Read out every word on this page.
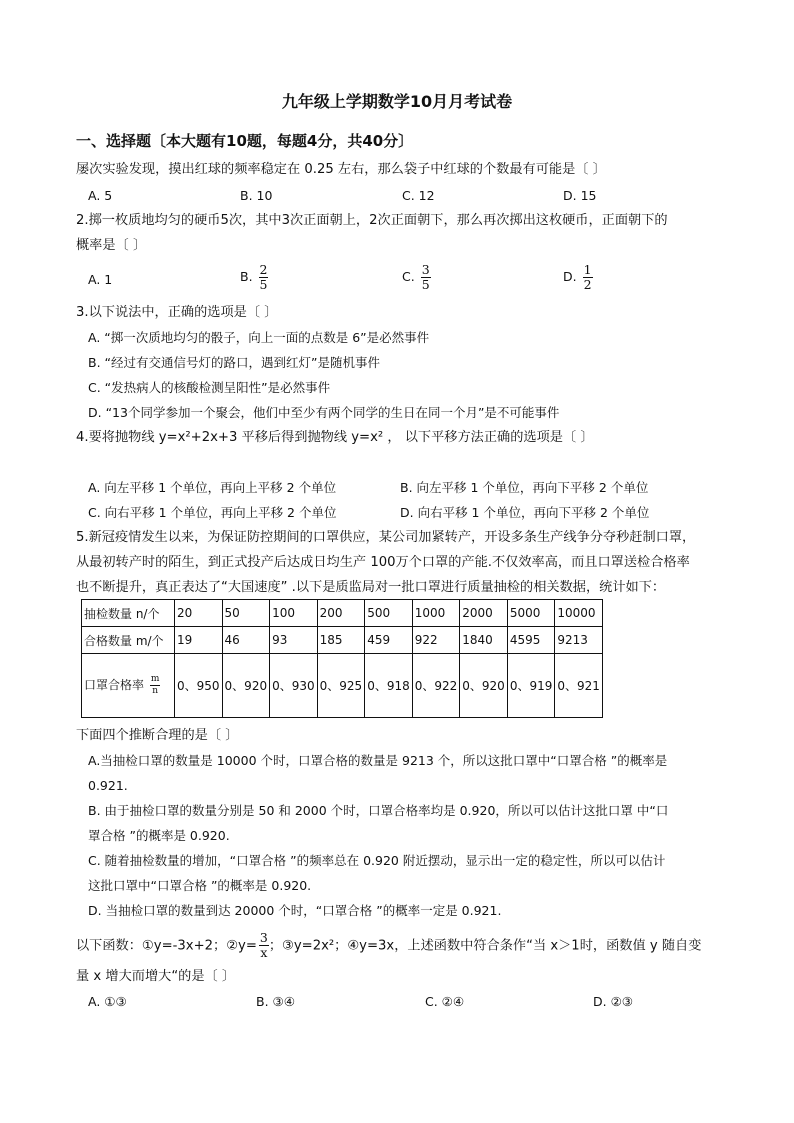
九年级上学期数学10月月考试卷
一、选择题〔本大题有10题，每题4分，共40分〕
屡次实验发现，摸出红球的频率稳定在 0.25 左右，那么袋子中红球的个数最有可能是〔 〕
A. 5	B. 10	C. 12	D. 15
2.掷一枚质地均匀的硬币5次，其中3次正面朝上，2次正面朝下，那么再次掷出这枚硬币，正面朝下的
概率是〔 〕
A. 1	B. $\frac{2}{5}$	C. $\frac{3}{5}$	D. $\frac{1}{2}$
3.以下说法中，正确的选项是〔 〕
A. “掷一次质地均匀的骰子，向上一面的点数是 6”是必然事件
B. “经过有交通信号灯的路口，遇到红灯”是随机事件
C. “发热病人的核酸检测呈阳性”是必然事件
D. “13个同学参加一个聚会，他们中至少有两个同学的生日在同一个月”是不可能事件
4.要将抛物线 y=x²+2x+3 平移后得到抛物线 y=x² ， 以下平移方法正确的选项是〔 〕
A. 向左平移 1 个单位，再向上平移 2 个单位	B. 向左平移 1 个单位，再向下平移 2 个单位
C. 向右平移 1 个单位，再向上平移 2 个单位	D. 向右平移 1 个单位，再向下平移 2 个单位
5.新冠疫情发生以来，为保证防控期间的口罩供应，某公司加紧转产，开设多条生产线争分夺秒赶制口罩，
从最初转产时的陌生，到正式投产后达成日均生产 100万个口罩的产能.不仅效率高，而且口罩送检合格率
也不断提升，真正表达了“大国速度” .以下是质监局对一批口罩进行质量抽检的相关数据，统计如下：
抽检数量 n/个	20	50	100	200	500	1000	2000	5000	10000
合格数量 m/个	19	46	93	185	459	922	1840	4595	9213
口罩合格率 $\frac{m}{n}$	0、950	0、920	0、930	0、925	0、918	0、922	0、920	0、919	0、921
下面四个推断合理的是〔 〕
A.当抽检口罩的数量是 10000 个时，口罩合格的数量是 9213 个，所以这批口罩中“口罩合格 ”的概率是
0.921.
B. 由于抽检口罩的数量分别是 50 和 2000 个时，口罩合格率均是 0.920，所以可以估计这批口罩 中“口
罩合格 ”的概率是 0.920.
C. 随着抽检数量的增加，“口罩合格 ”的频率总在 0.920 附近摆动，显示出一定的稳定性，所以可以估计
这批口罩中“口罩合格 ”的概率是 0.920.
D. 当抽检口罩的数量到达 20000 个时，“口罩合格 ”的概率一定是 0.921.
以下函数：①y=-3x+2；②y= $\frac{3}{x}$ ；③y=2x²；④y=3x，上述函数中符合条作“当 x＞1时，函数值 y 随自变
量 x 增大而增大“的是〔 〕
A. ①③	B. ③④	C. ②④	D. ②③
